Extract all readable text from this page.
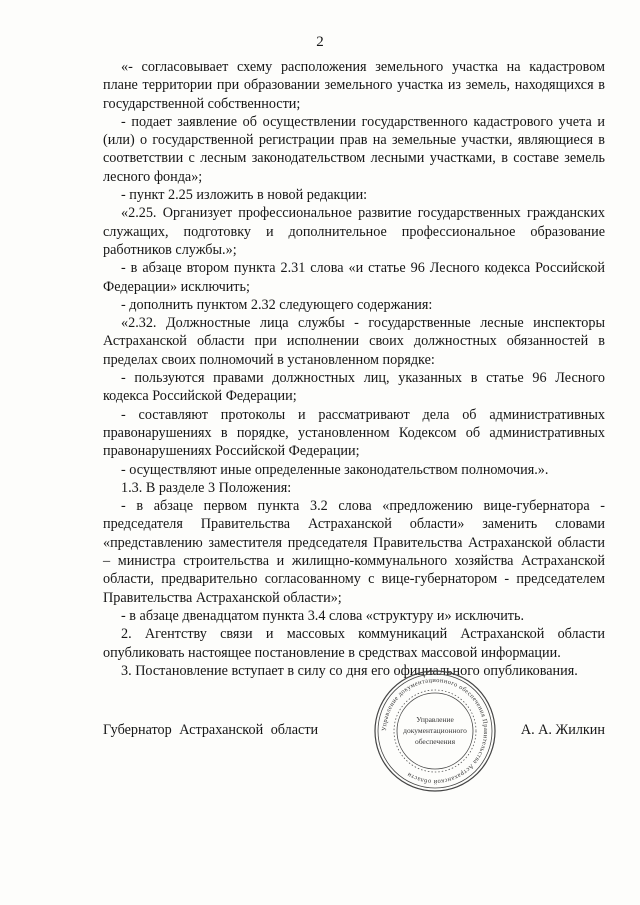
2

«- согласовывает схему расположения земельного участка на кадастровом плане территории при образовании земельного участка из земель, находящихся в государственной собственности;

- подает заявление об осуществлении государственного кадастрового учета и (или) о государственной регистрации прав на земельные участки, являющиеся в соответствии с лесным законодательством лесными участками, в составе земель лесного фонда»;

- пункт 2.25 изложить в новой редакции:

«2.25. Организует профессиональное развитие государственных гражданских служащих, подготовку и дополнительное профессиональное образование работников службы.»;

- в абзаце втором пункта 2.31 слова «и статье 96 Лесного кодекса Российской Федерации» исключить;

- дополнить пунктом 2.32 следующего содержания:

«2.32. Должностные лица службы - государственные лесные инспекторы Астраханской области при исполнении своих должностных обязанностей в пределах своих полномочий в установленном порядке:

- пользуются правами должностных лиц, указанных в статье 96 Лесного кодекса Российской Федерации;

- составляют протоколы и рассматривают дела об административных правонарушениях в порядке, установленном Кодексом об административных правонарушениях Российской Федерации;

- осуществляют иные определенные законодательством полномочия.».

1.3. В разделе 3 Положения:

- в абзаце первом пункта 3.2 слова «предложению вице-губернатора - председателя Правительства Астраханской области» заменить словами «представлению заместителя председателя Правительства Астраханской области – министра строительства и жилищно-коммунального хозяйства Астраханской области, предварительно согласованному с вице-губернатором - председателем Правительства Астраханской области»;

- в абзаце двенадцатом пункта 3.4 слова «структуру и» исключить.

2. Агентству связи и массовых коммуникаций Астраханской области опубликовать настоящее постановление в средствах массовой информации.

3. Постановление вступает в силу со дня его официального опубликования.

Губернатор Астраханской области	А. А. Жилкин
Управление документационного обеспечения Правительства Астраханской области
Управление
документационного
обеспечения
